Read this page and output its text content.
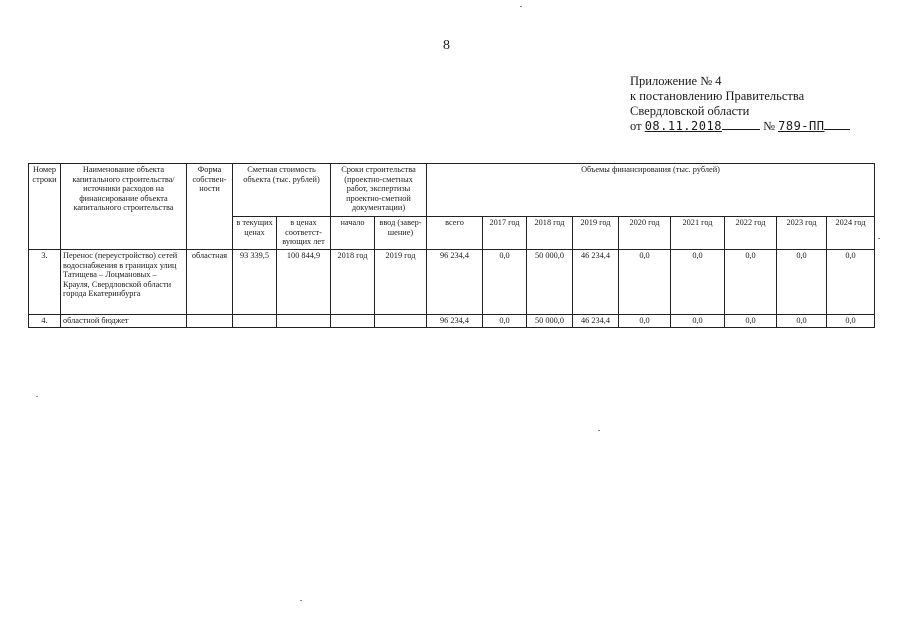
8
Приложение № 4
к постановлению Правительства
Свердловской области
от 08.11.2018	№ 789-ПП
Номер строки	Наименование объекта капитального строительства/ источники расходов на финансирование объекта капитального строительства	Форма собствен-ности	Сметная стоимость объекта (тыс. рублей)		Сроки строительства (проектно-сметных работ, экспертизы проектно-сметной документации)		Объемы финансирования (тыс. рублей)								
			в текущих ценах	в ценах соответст-вующих лет	начало	ввод (завер-шение)	всего	2017 год	2018 год	2019 год	2020 год	2021 год	2022 год	2023 год	2024 год
3.	Перенос (переустройство) сетей водоснабжения в границах улиц Татищева – Лоцмановых – Крауля, Свердловской области города Екатеринбурга	областная	93 339,5	100 844,9	2018 год	2019 год	96 234,4	0,0	50 000,0	46 234,4	0,0	0,0	0,0	0,0	0,0
4.	областной бюджет						96 234,4	0,0	50 000,0	46 234,4	0,0	0,0	0,0	0,0	0,0
